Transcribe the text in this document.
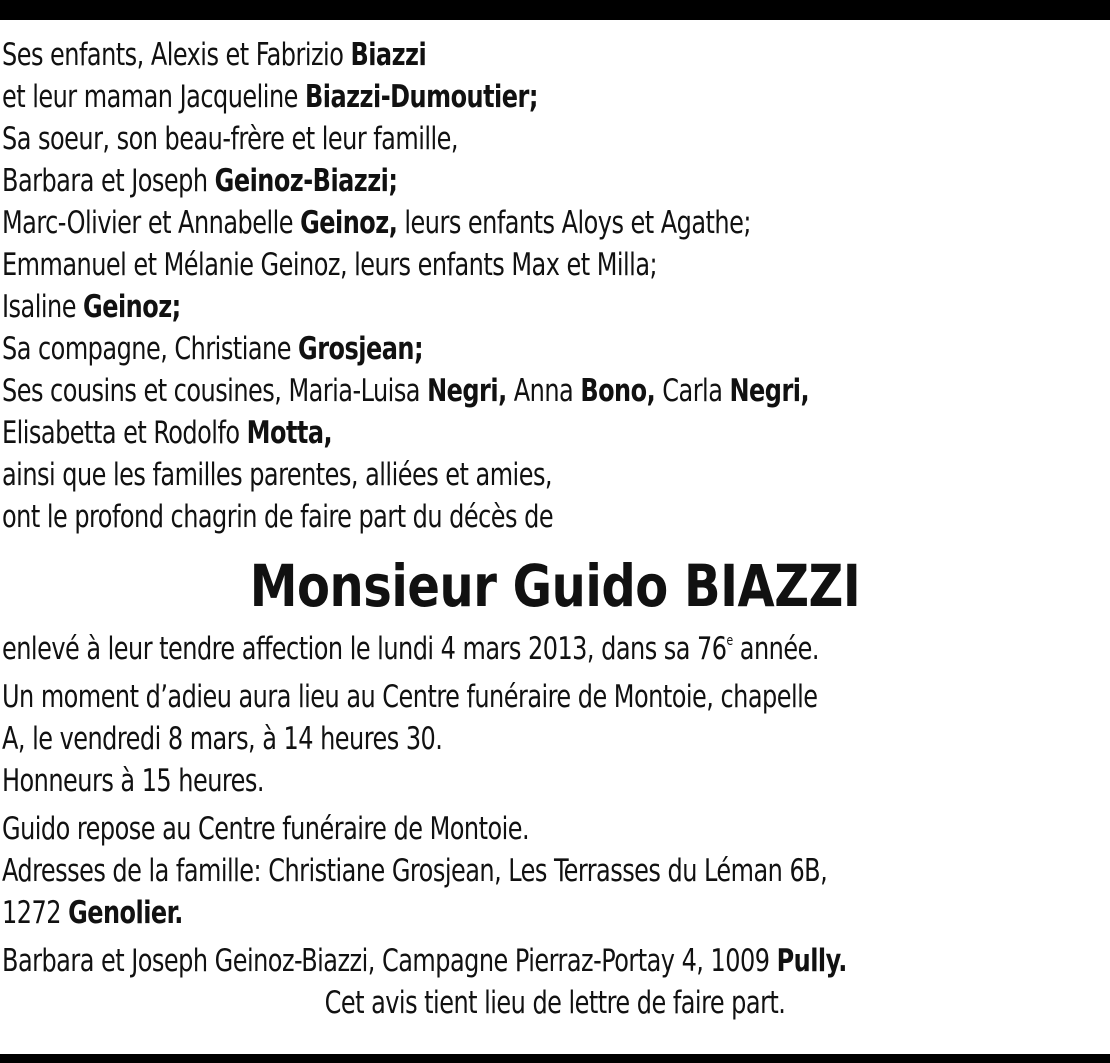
Ses enfants, Alexis et Fabrizio Biazzi
et leur maman Jacqueline Biazzi-Dumoutier;
Sa soeur, son beau-frère et leur famille,
Barbara et Joseph Geinoz-Biazzi;
Marc-Olivier et Annabelle Geinoz, leurs enfants Aloys et Agathe;
Emmanuel et Mélanie Geinoz, leurs enfants Max et Milla;
Isaline Geinoz;
Sa compagne, Christiane Grosjean;
Ses cousins et cousines, Maria-Luisa Negri, Anna Bono, Carla Negri,
Elisabetta et Rodolfo Motta,
ainsi que les familles parentes, alliées et amies,
ont le profond chagrin de faire part du décès de
Monsieur Guido BIAZZI
enlevé à leur tendre affection le lundi 4 mars 2013, dans sa 76e année.
Un moment d’adieu aura lieu au Centre funéraire de Montoie, chapelle
A, le vendredi 8 mars, à 14 heures 30.
Honneurs à 15 heures.
Guido repose au Centre funéraire de Montoie.
Adresses de la famille: Christiane Grosjean, Les Terrasses du Léman 6B,
1272 Genolier.
Barbara et Joseph Geinoz-Biazzi, Campagne Pierraz-Portay 4, 1009 Pully.
Cet avis tient lieu de lettre de faire part.
